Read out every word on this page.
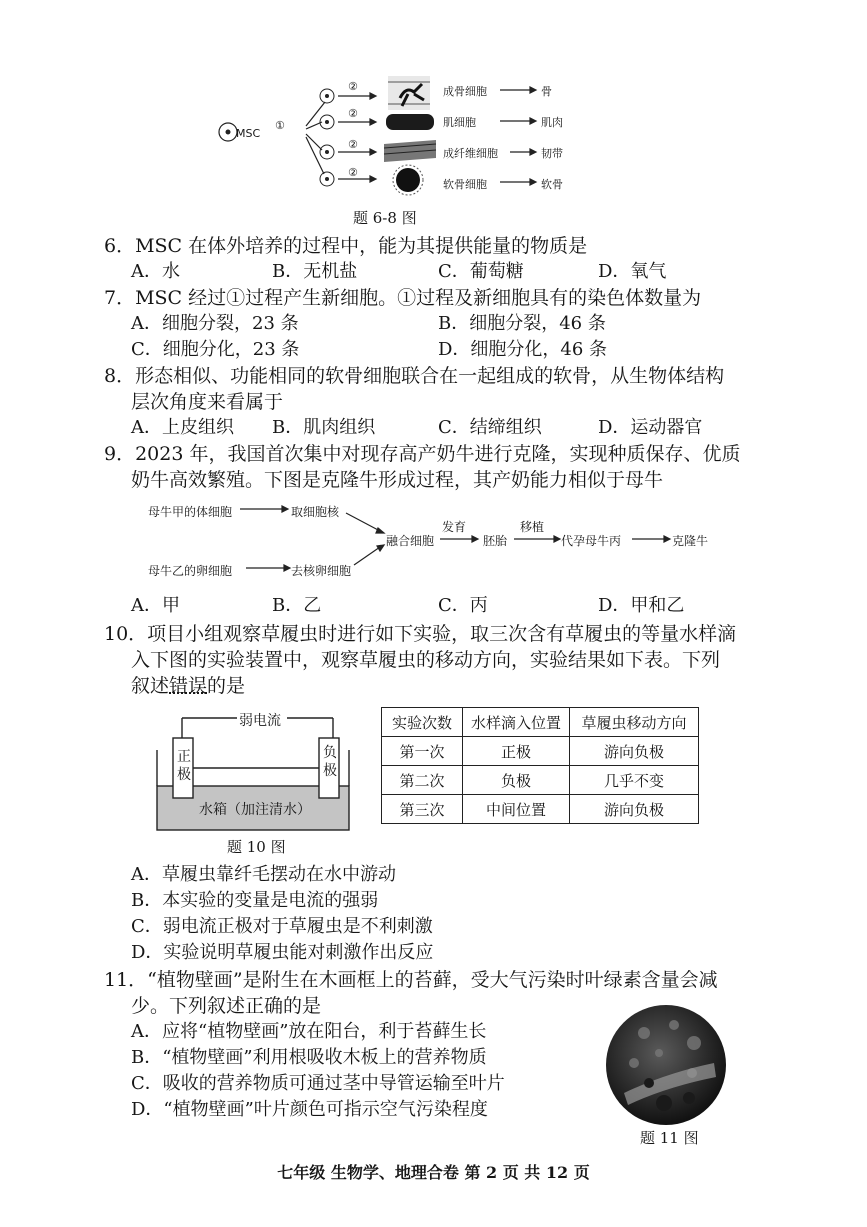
MSC
①
②
②
②
②
成骨细胞
肌细胞
成纤维细胞
软骨细胞
骨
肌肉
韧带
软骨
题 6-8 图
6．MSC 在体外培养的过程中，能为其提供能量的物质是
A．水	B．无机盐	C．葡萄糖	D．氧气
7．MSC 经过①过程产生新细胞。①过程及新细胞具有的染色体数量为
A．细胞分裂，23 条	B．细胞分裂，46 条
C．细胞分化，23 条	D．细胞分化，46 条
8．形态相似、功能相同的软骨细胞联合在一起组成的软骨，从生物体结构
层次角度来看属于
A．上皮组织 B．肌肉组织	C．结缔组织	D．运动器官
9．2023 年，我国首次集中对现存高产奶牛进行克隆，实现种质保存、优质
奶牛高效繁殖。下图是克隆牛形成过程，其产奶能力相似于母牛
母牛甲的体细胞	取细胞核
母牛乙的卵细胞	去核卵细胞
融合细胞
发育
胚胎
移植
代孕母牛丙	克隆牛
A．甲	B．乙	C．丙	D．甲和乙
10．项目小组观察草履虫时进行如下实验，取三次含有草履虫的等量水样滴
入下图的实验装置中，观察草履虫的移动方向，实验结果如下表。下列
叙述错误的是
弱电流
正极
负极
水箱（加注清水）
题 10 图
实验次数	水样滴入位置	草履虫移动方向
第一次	正极	游向负极
第二次	负极	几乎不变
第三次	中间位置	游向负极
A．草履虫靠纤毛摆动在水中游动
B．本实验的变量是电流的强弱
C．弱电流正极对于草履虫是不利刺激
D．实验说明草履虫能对刺激作出反应
11．“植物壁画”是附生在木画框上的苔藓，受大气污染时叶绿素含量会减
少。下列叙述正确的是
A．应将“植物壁画”放在阳台，利于苔藓生长
B．“植物壁画”利用根吸收木板上的营养物质
C．吸收的营养物质可通过茎中导管运输至叶片
D．“植物壁画”叶片颜色可指示空气污染程度
题 11 图
七年级 生物学、地理合卷 第 2 页 共 12 页
